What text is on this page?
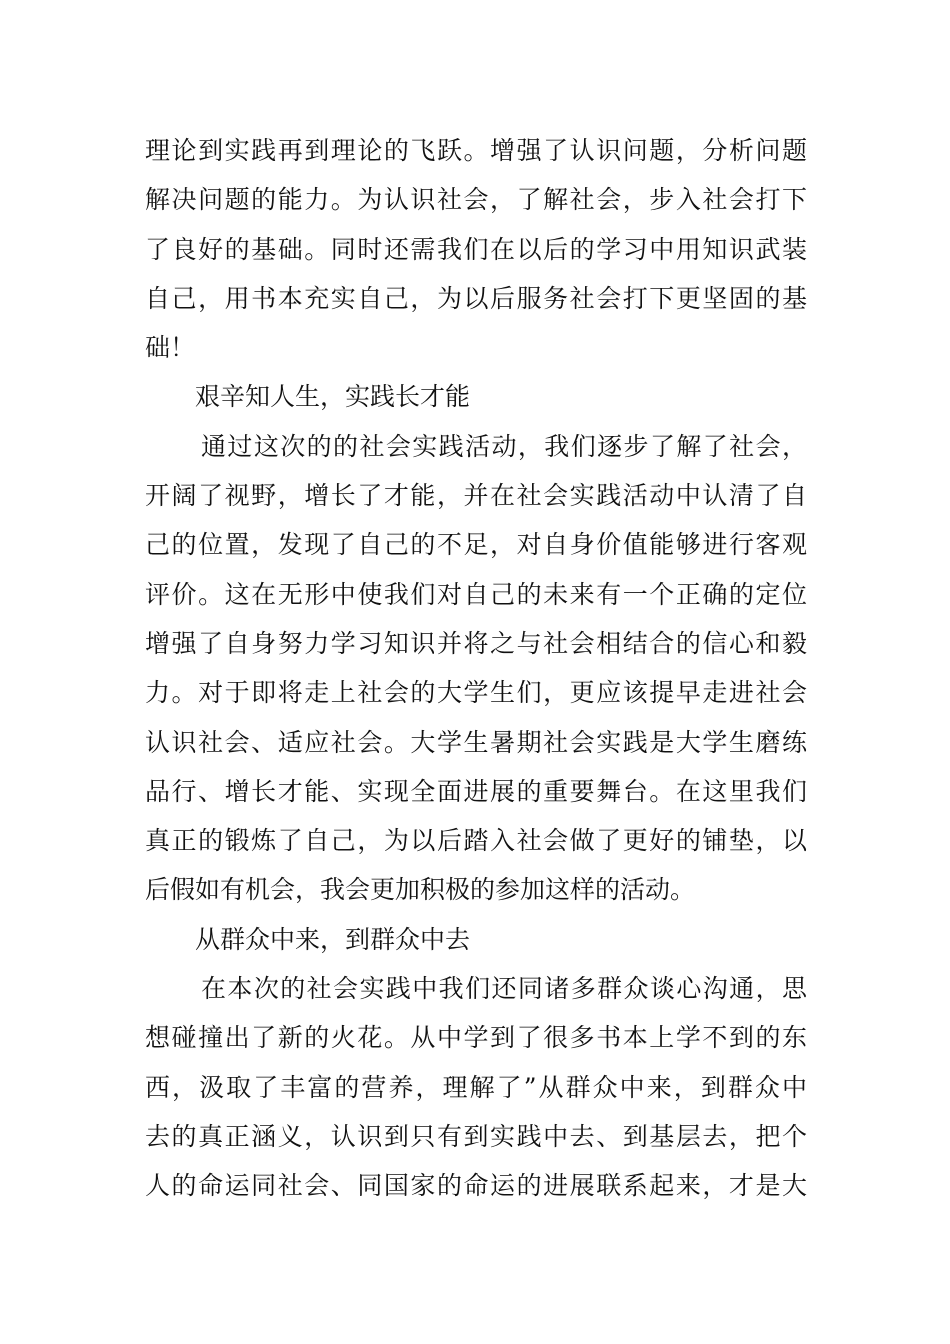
理论到实践再到理论的飞跃。增强了认识问题，分析问题
解决问题的能力。为认识社会，了解社会，步入社会打下
了良好的基础。同时还需我们在以后的学习中用知识武装
自己，用书本充实自己，为以后服务社会打下更坚固的基
础！
艰辛知人生，实践长才能
通过这次的的社会实践活动，我们逐步了解了社会，
开阔了视野，增长了才能，并在社会实践活动中认清了自
己的位置，发现了自己的不足，对自身价值能够进行客观
评价。这在无形中使我们对自己的未来有一个正确的定位
增强了自身努力学习知识并将之与社会相结合的信心和毅
力。对于即将走上社会的大学生们，更应该提早走进社会
认识社会、适应社会。大学生暑期社会实践是大学生磨练
品行、增长才能、实现全面进展的重要舞台。在这里我们
真正的锻炼了自己，为以后踏入社会做了更好的铺垫，以
后假如有机会，我会更加积极的参加这样的活动。
从群众中来，到群众中去
在本次的社会实践中我们还同诸多群众谈心沟通，思
想碰撞出了新的火花。从中学到了很多书本上学不到的东
西，汲取了丰富的营养，理解了”从群众中来，到群众中
去的真正涵义，认识到只有到实践中去、到基层去，把个
人的命运同社会、同国家的命运的进展联系起来，才是大
